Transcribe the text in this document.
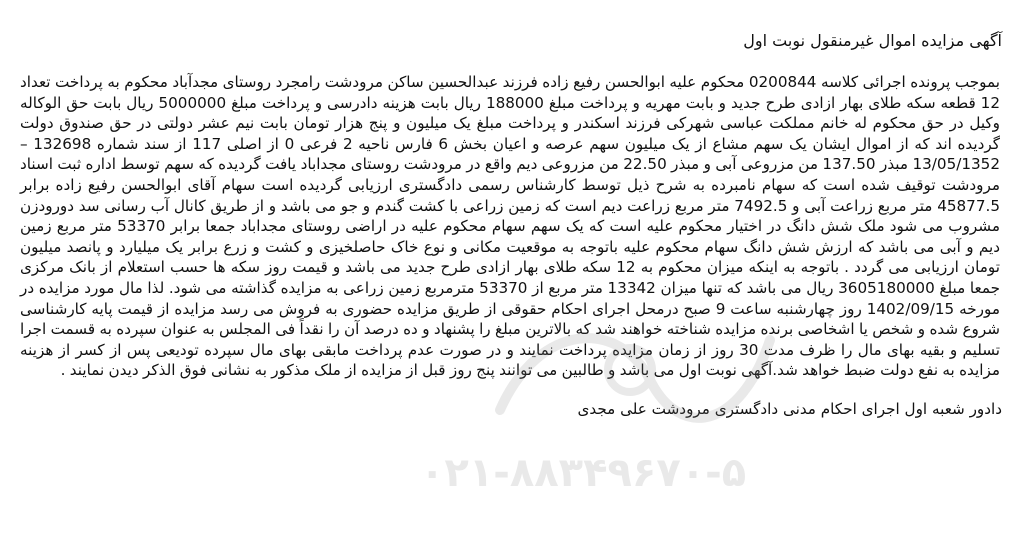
آگهی مزایده اموال غیرمنقول نوبت اول

بموجب پرونده اجرائی کلاسه 0200844 محکوم علیه ابوالحسن رفیع زاده فرزند عبدالحسین ساکن مرودشت رامجرد روستای مجدآباد محکوم به پرداخت تعداد 12 قطعه سکه طلای بهار ازادی طرح جدید و بابت مهریه و پرداخت مبلغ 188000 ریال بابت هزینه دادرسی و پرداخت مبلغ 5000000 ریال بابت حق الوکاله وکیل در حق محکوم له خانم مملکت عباسی شهرکی فرزند اسکندر و پرداخت مبلغ یک میلیون و پنج هزار تومان بابت نیم عشر دولتی در حق صندوق دولت گردیده اند که از اموال ایشان یک سهم مشاع از یک میلیون سهم عرصه و اعیان بخش 6 فارس ناحیه 2 فرعی 0 از اصلی 117 از سند شماره 132698 – 13/05/1352 مبذر 137.50 من مزروعی آبی و مبذر 22.50 من مزروعی دیم واقع در مرودشت روستای مجداباد یافت گردیده که سهم توسط اداره ثبت اسناد مرودشت توقیف شده است که سهام نامبرده به شرح ذیل توسط کارشناس رسمی دادگستری ارزیابی گردیده است سهام آقای ابوالحسن رفیع زاده برابر 45877.5 متر مربع زراعت آبی و 7492.5 متر مربع زراعت دیم است که زمین زراعی با کشت گندم و جو می باشد و از طریق کانال آب رسانی سد دورودزن مشروب می شود ملک شش دانگ در اختیار محکوم علیه است که یک سهم سهام محکوم علیه در اراضی روستای مجداباد جمعا برابر 53370 متر مربع زمین دیم و آبی می باشد که ارزش شش دانگ سهام محکوم علیه باتوجه به موقعیت مکانی و نوع خاک حاصلخیزی و کشت و زرع برابر یک میلیارد و پانصد میلیون تومان ارزیابی می گردد . باتوجه به اینکه میزان محکوم به 12 سکه طلای بهار ازادی طرح جدید می باشد و قیمت روز سکه ها حسب استعلام از بانک مرکزی جمعا مبلغ 3605180000 ریال می باشد که تنها میزان 13342 متر مربع از 53370 مترمربع زمین زراعی به مزایده گذاشته می شود. لذا مال مورد مزایده در مورخه 1402/09/15 روز چهارشنبه ساعت 9 صبح درمحل اجرای احکام حقوقی از طریق مزایده حضوری به فروش می رسد مزایده از قیمت پایه کارشناسی شروع شده و شخص یا اشخاصی برنده مزایده شناخته خواهند شد که بالاترین مبلغ را پشنهاد و ده درصد آن را نقداً فی المجلس به عنوان سپرده به قسمت اجرا تسلیم و بقیه بهای مال را ظرف مدت 30 روز از زمان مزایده پرداخت نمایند و در صورت عدم پرداخت مابقی بهای مال سپرده تودیعی پس از کسر از هزینه مزایده به نفع دولت ضبط خواهد شد.آگهی نوبت اول می باشد و طالبین می توانند پنج روز قبل از مزایده از ملک مذکور به نشانی فوق الذکر دیدن نمایند .

دادور شعبه اول اجرای احکام مدنی دادگستری مرودشت علی مجدی
۰۲۱-۸۸۳۴۹۶۷۰-۵
